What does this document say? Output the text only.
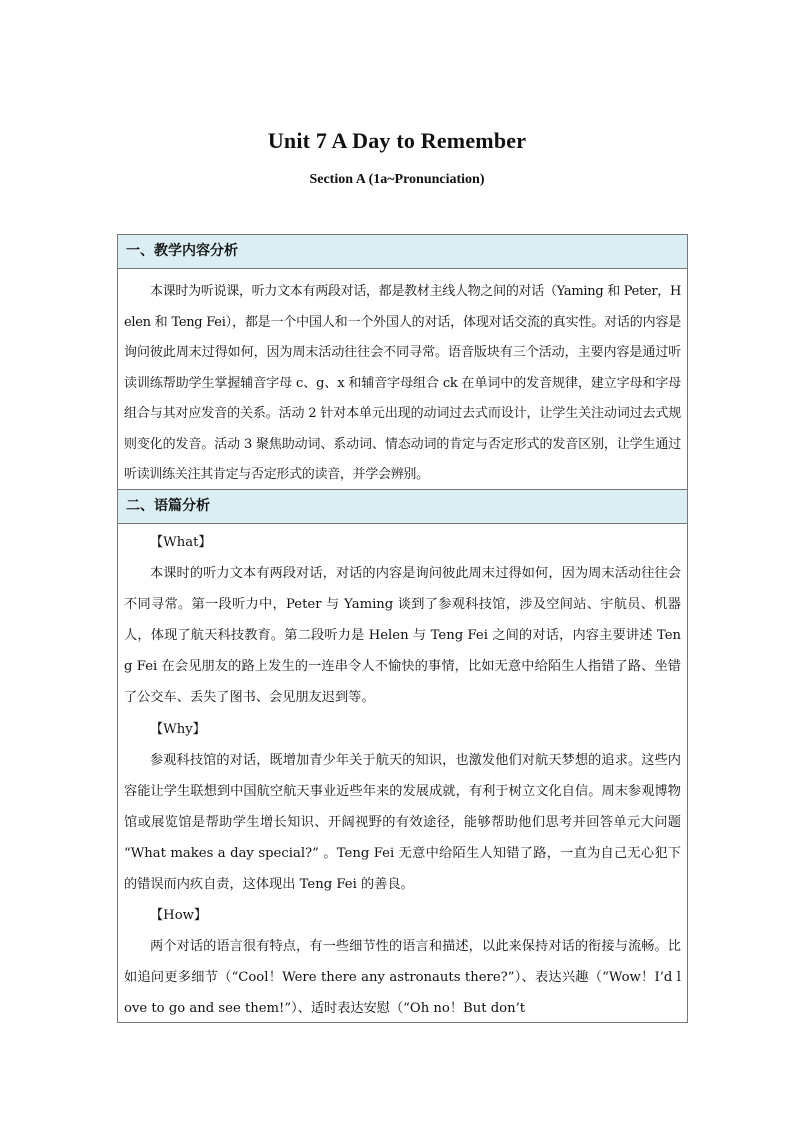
Unit 7 A Day to Remember
Section A (1a~Pronunciation)
一、教学内容分析

本课时为听说课，听力文本有两段对话，都是教材主线人物之间的对话（Yaming 和 Peter，Helen 和 Teng Fei），都是一个中国人和一个外国人的对话，体现对话交流的真实性。对话的内容是询问彼此周末过得如何，因为周末活动往往会不同寻常。语音版块有三个活动，主要内容是通过听读训练帮助学生掌握辅音字母 c、g、x 和辅音字母组合 ck 在单词中的发音规律，建立字母和字母组合与其对应发音的关系。活动 2 针对本单元出现的动词过去式而设计，让学生关注动词过去式规则变化的发音。活动 3 聚焦助动词、系动词、情态动词的肯定与否定形式的发音区别，让学生通过听读训练关注其肯定与否定形式的读音，并学会辨别。

二、语篇分析

【What】

本课时的听力文本有两段对话，对话的内容是询问彼此周末过得如何，因为周末活动往往会不同寻常。第一段听力中，Peter 与 Yaming 谈到了参观科技馆，涉及空间站、宇航员、机器人，体现了航天科技教育。第二段听力是 Helen 与 Teng Fei 之间的对话，内容主要讲述 Teng Fei 在会见朋友的路上发生的一连串令人不愉快的事情，比如无意中给陌生人指错了路、坐错了公交车、丢失了图书、会见朋友迟到等。

【Why】

参观科技馆的对话，既增加青少年关于航天的知识，也激发他们对航天梦想的追求。这些内容能让学生联想到中国航空航天事业近些年来的发展成就，有利于树立文化自信。周末参观博物馆或展览馆是帮助学生增长知识、开阔视野的有效途径，能够帮助他们思考并回答单元大问题 “What makes a day special?” 。Teng Fei 无意中给陌生人知错了路，一直为自己无心犯下的错误而内疚自责，这体现出 Teng Fei 的善良。

【How】

两个对话的语言很有特点，有一些细节性的语言和描述，以此来保持对话的衔接与流畅。比如追问更多细节（“Cool！Were there any astronauts there?”）、表达兴趣（“Wow！I’d love to go and see them!”）、适时表达安慰（“Oh no！But don’t
